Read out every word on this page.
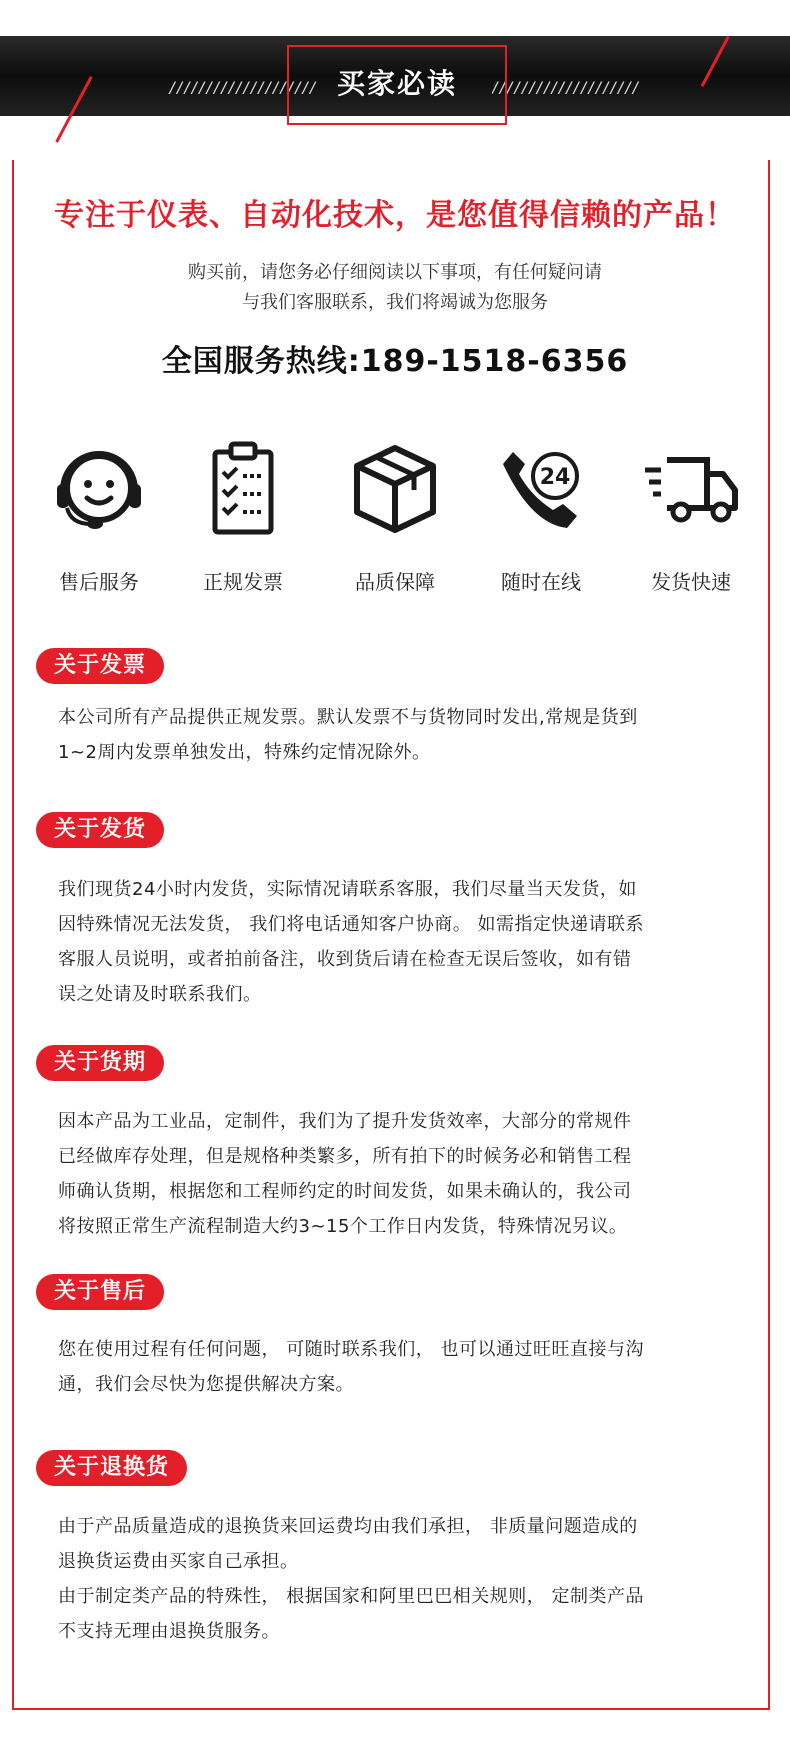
////////////////////	////////////////////
买家必读
专注于仪表、自动化技术，是您值得信赖的产品！
购买前，请您务必仔细阅读以下事项，有任何疑问请
与我们客服联系，我们将竭诚为您服务
全国服务热线:189-1518-6356
售后服务	正规发票	品质保障
24
随时在线	发货快速
关于发票
本公司所有产品提供正规发票。默认发票不与货物同时发出,常规是货到
1~2周内发票单独发出，特殊约定情况除外。
关于发货
我们现货24小时内发货，实际情况请联系客服，我们尽量当天发货，如
因特殊情况无法发货， 我们将电话通知客户协商。 如需指定快递请联系
客服人员说明，或者拍前备注，收到货后请在检查无误后签收，如有错
误之处请及时联系我们。
关于货期
因本产品为工业品，定制件，我们为了提升发货效率，大部分的常规件
已经做库存处理，但是规格种类繁多，所有拍下的时候务必和销售工程
师确认货期，根据您和工程师约定的时间发货，如果未确认的，我公司
将按照正常生产流程制造大约3~15个工作日内发货，特殊情况另议。
关于售后
您在使用过程有任何问题， 可随时联系我们， 也可以通过旺旺直接与沟
通，我们会尽快为您提供解决方案。
关于退换货
由于产品质量造成的退换货来回运费均由我们承担， 非质量问题造成的
退换货运费由买家自己承担。
由于制定类产品的特殊性， 根据国家和阿里巴巴相关规则， 定制类产品
不支持无理由退换货服务。
